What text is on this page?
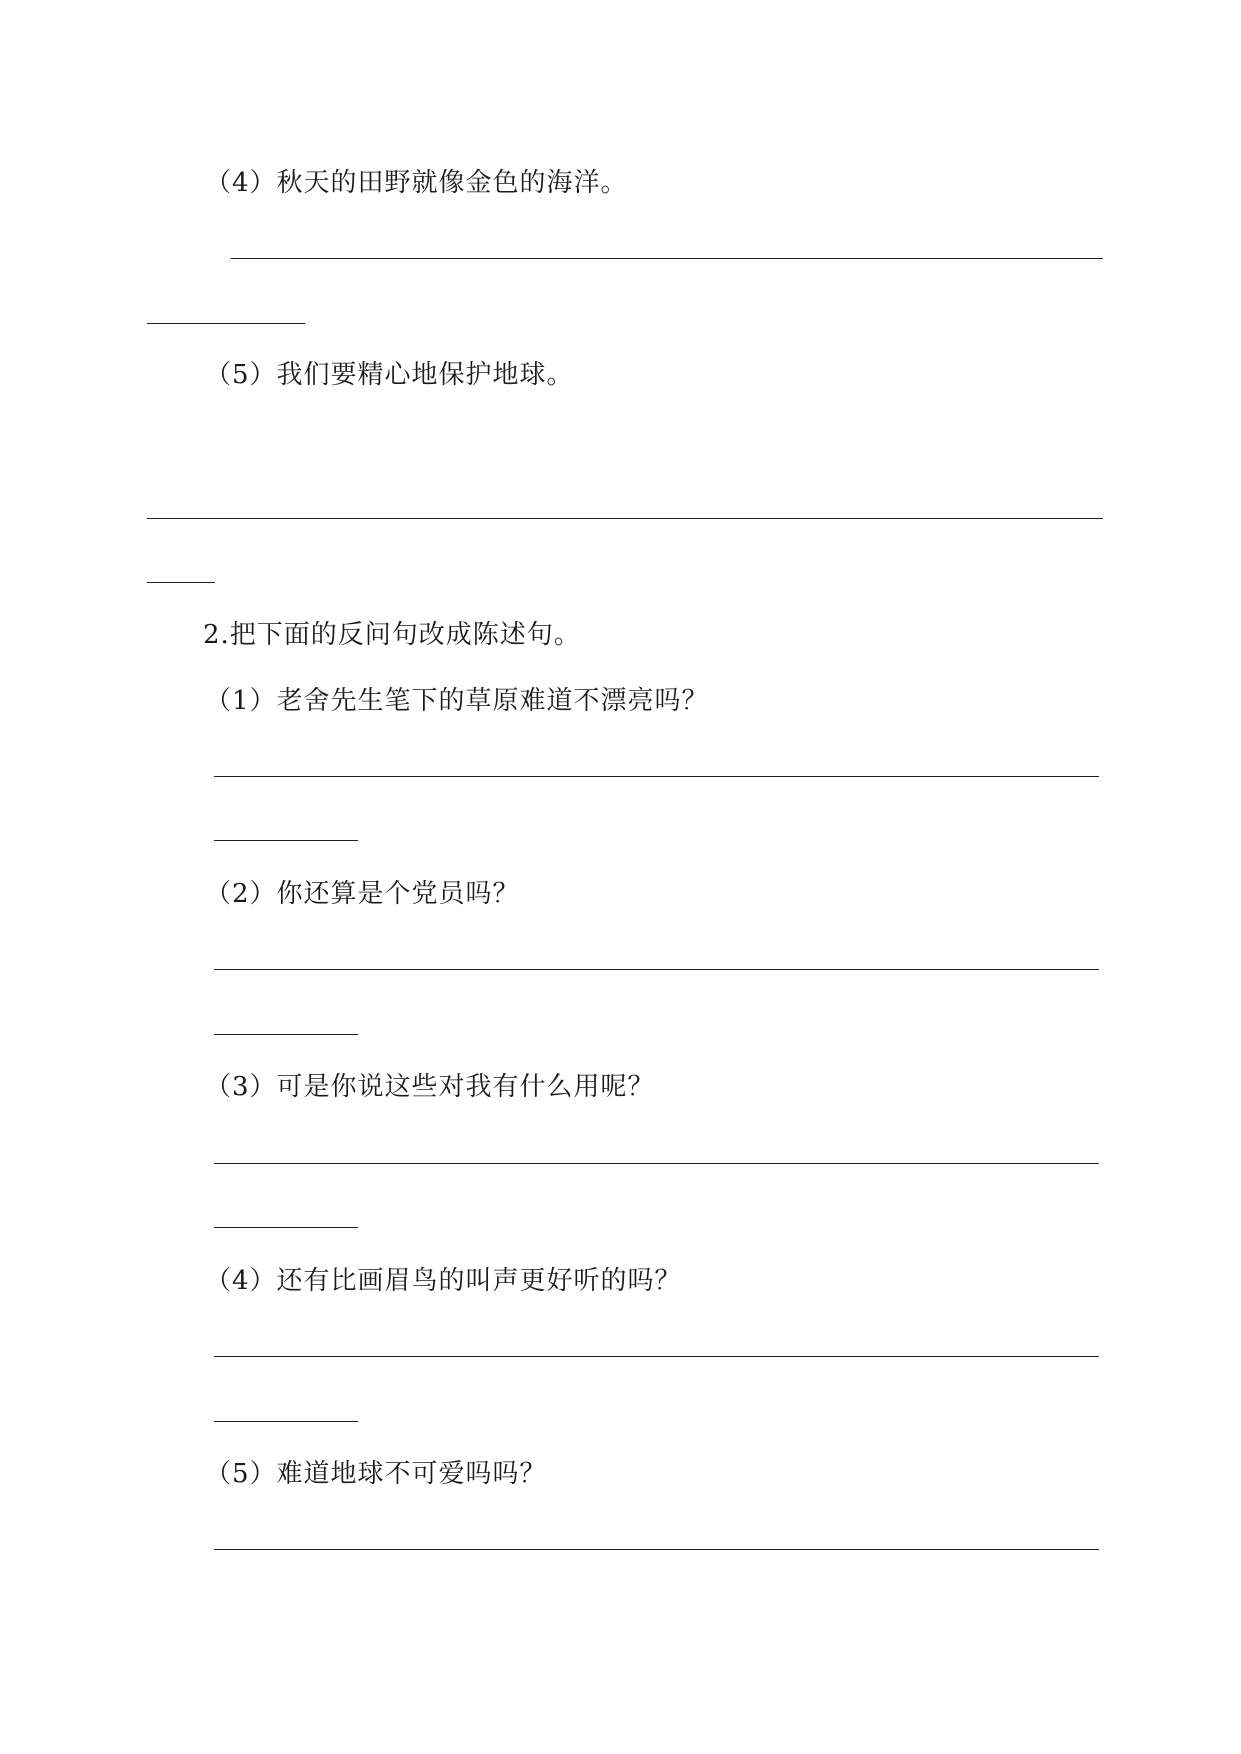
（4）秋天的田野就像金色的海洋。
（5）我们要精心地保护地球。
2.把下面的反问句改成陈述句。
（1）老舍先生笔下的草原难道不漂亮吗？
（2）你还算是个党员吗？
（3）可是你说这些对我有什么用呢？
（4）还有比画眉鸟的叫声更好听的吗？
（5）难道地球不可爱吗吗？
